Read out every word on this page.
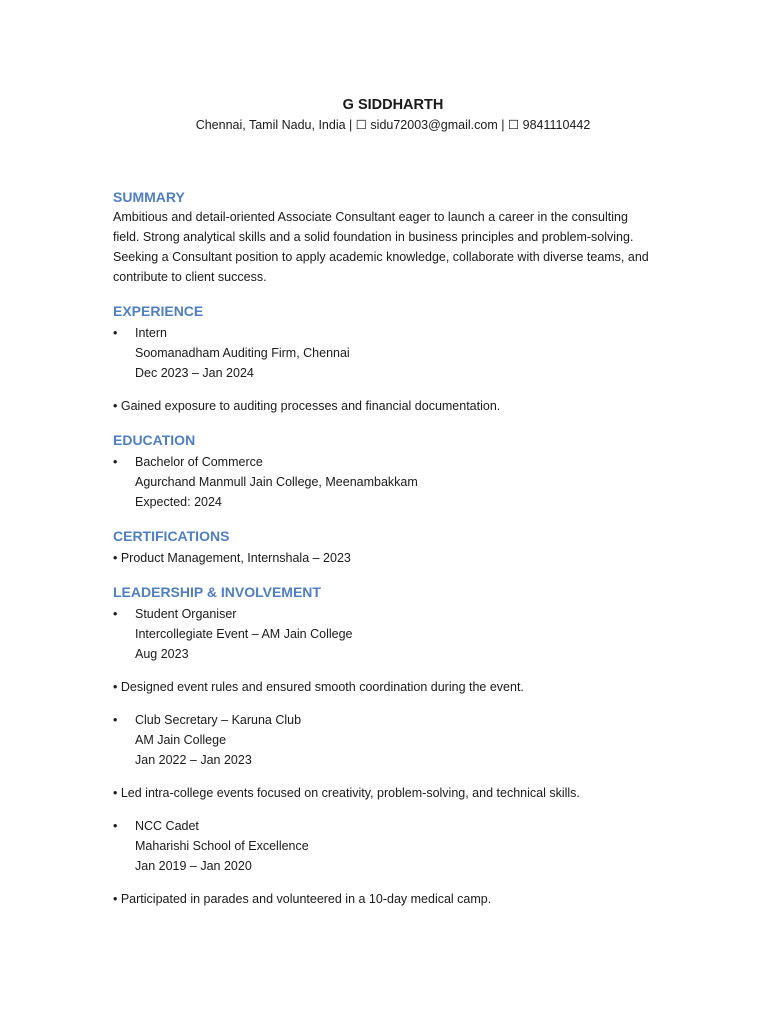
G SIDDHARTH

Chennai, Tamil Nadu, India | ☐ sidu72003@gmail.com | ☐ 9841110442

SUMMARY

Ambitious and detail-oriented Associate Consultant eager to launch a career in the consulting
field. Strong analytical skills and a solid foundation in business principles and problem-solving.
Seeking a Consultant position to apply academic knowledge, collaborate with diverse teams, and
contribute to client success.

EXPERIENCE

• Intern
Soomanadham Auditing Firm, Chennai
Dec 2023 – Jan 2024

• Gained exposure to auditing processes and financial documentation.

EDUCATION

• Bachelor of Commerce
Agurchand Manmull Jain College, Meenambakkam
Expected: 2024

CERTIFICATIONS

• Product Management, Internshala – 2023

LEADERSHIP & INVOLVEMENT

• Student Organiser
Intercollegiate Event – AM Jain College
Aug 2023

• Designed event rules and ensured smooth coordination during the event.

• Club Secretary – Karuna Club
AM Jain College
Jan 2022 – Jan 2023

• Led intra-college events focused on creativity, problem-solving, and technical skills.

• NCC Cadet
Maharishi School of Excellence
Jan 2019 – Jan 2020

• Participated in parades and volunteered in a 10-day medical camp.
